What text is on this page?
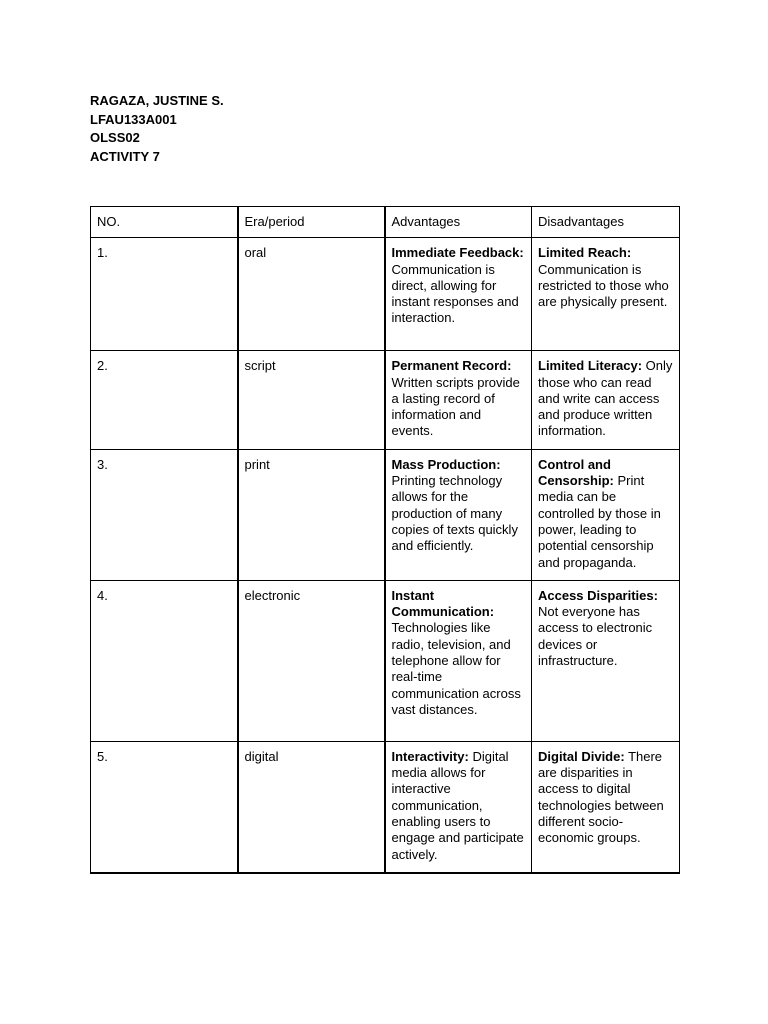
RAGAZA, JUSTINE S.
LFAU133A001
OLSS02
ACTIVITY 7
NO.	Era/period	Advantages	Disadvantages
1.	oral	Immediate Feedback: Communication is direct, allowing for instant responses and interaction.	Limited Reach: Communication is restricted to those who are physically present.
2.	script	Permanent Record: Written scripts provide a lasting record of information and events.	Limited Literacy: Only those who can read and write can access and produce written information.
3.	print	Mass Production: Printing technology allows for the production of many copies of texts quickly and efficiently.	Control and Censorship: Print media can be controlled by those in power, leading to potential censorship and propaganda.
4.	electronic	Instant Communication: Technologies like radio, television, and telephone allow for real-time communication across vast distances.	Access Disparities: Not everyone has access to electronic devices or infrastructure.
5.	digital	Interactivity: Digital media allows for interactive communication, enabling users to engage and participate actively.	Digital Divide: There are disparities in access to digital technologies between different socio-economic groups.
